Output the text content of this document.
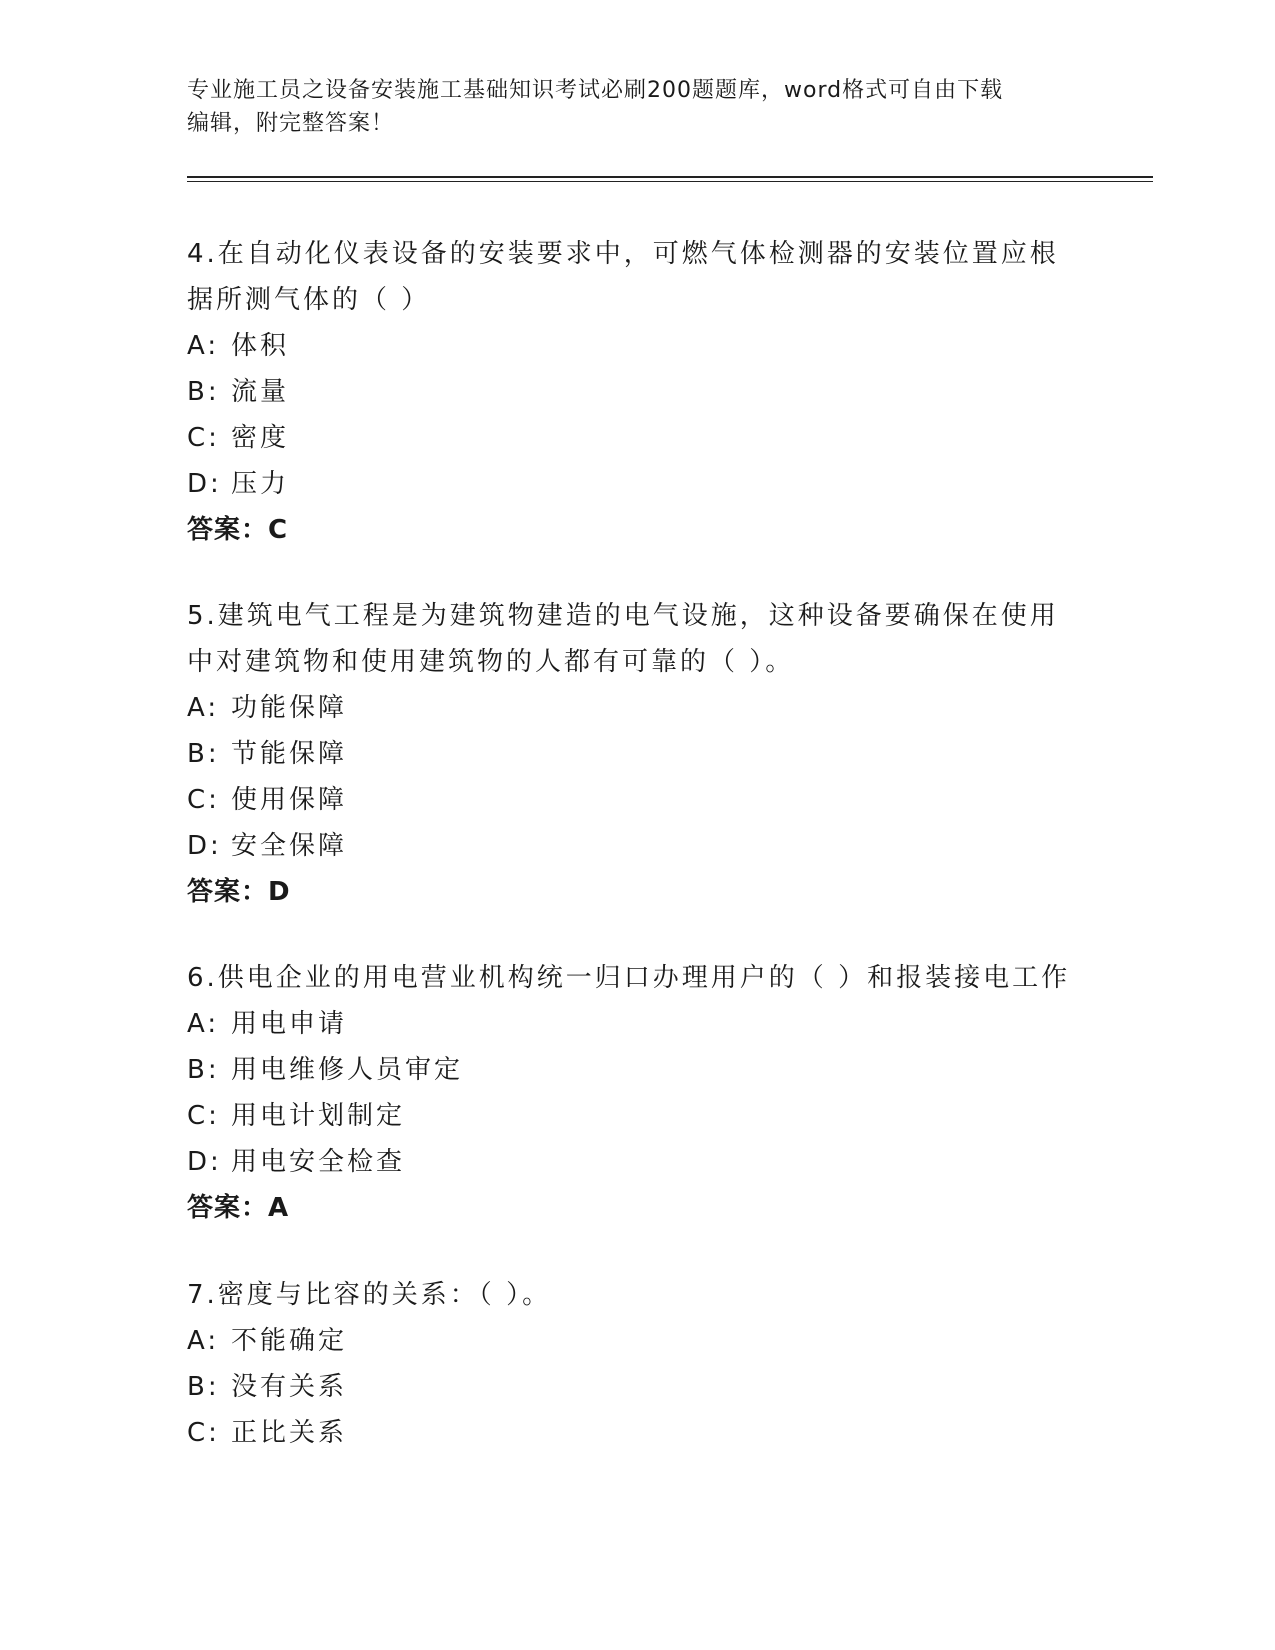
专业施工员之设备安装施工基础知识考试必刷200题题库，word格式可自由下载
编辑，附完整答案！
4.在自动化仪表设备的安装要求中，可燃气体检测器的安装位置应根
据所测气体的（ ）
A: 体积
B: 流量
C: 密度
D: 压力
答案：C
5.建筑电气工程是为建筑物建造的电气设施，这种设备要确保在使用
中对建筑物和使用建筑物的人都有可靠的（ ）。
A: 功能保障
B: 节能保障
C: 使用保障
D: 安全保障
答案：D
6.供电企业的用电营业机构统一归口办理用户的（ ）和报装接电工作
A: 用电申请
B: 用电维修人员审定
C: 用电计划制定
D: 用电安全检查
答案：A
7.密度与比容的关系：（ ）。
A: 不能确定
B: 没有关系
C: 正比关系
